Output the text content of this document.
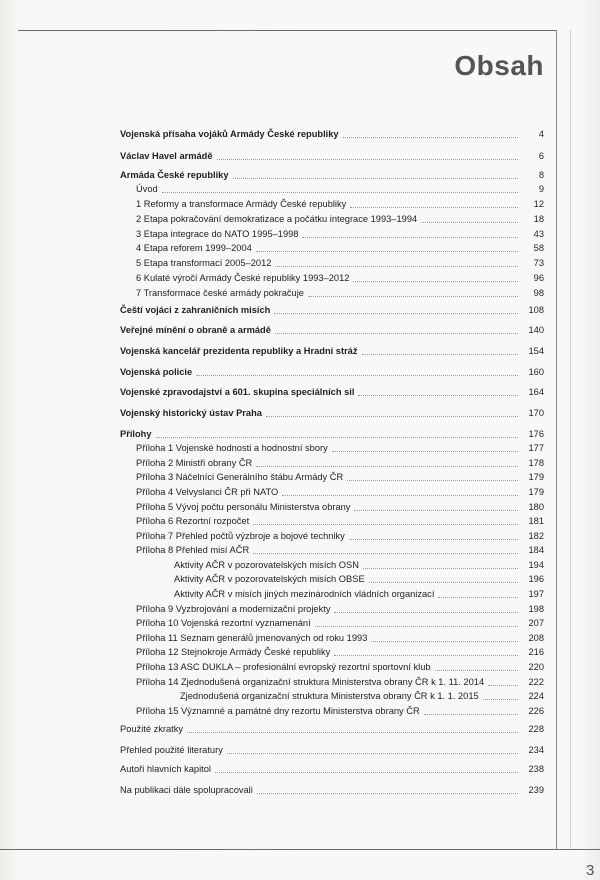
Obsah
Vojenská přísaha vojáků Armády České republiky	4
Václav Havel armádě	6
Armáda České republiky	8
Úvod	9
1 Reformy a transformace Armády České republiky	12
2 Etapa pokračování demokratizace a počátku integrace 1993–1994	18
3 Etapa integrace do NATO 1995–1998	43
4 Etapa reforem 1999–2004	58
5 Etapa transformací 2005–2012	73
6 Kulaté výročí Armády České republiky 1993–2012	96
7 Transformace české armády pokračuje	98
Čeští vojáci z zahraničních misích	108
Veřejné mínění o obraně a armádě	140
Vojenská kancelář prezidenta republiky a Hradní stráž	154
Vojenská policie	160
Vojenské zpravodajství a 601. skupina speciálních sil	164
Vojenský historický ústav Praha	170
Přílohy	176
Příloha 1 Vojenské hodnosti a hodnostní sbory	177
Příloha 2 Ministři obrany ČR	178
Příloha 3 Náčelníci Generálního štábu Armády ČR	179
Příloha 4 Velvyslanci ČR při NATO	179
Příloha 5 Vývoj počtu personálu Ministerstva obrany	180
Příloha 6 Rezortní rozpočet	181
Příloha 7 Přehled počtů výzbroje a bojové techniky	182
Příloha 8 Přehled misí AČR	184
Aktivity AČR v pozorovatelských misích OSN	194
Aktivity AČR v pozorovatelských misích OBSE	196
Aktivity AČR v misích jiných mezinárodních vládních organizací	197
Příloha 9 Vyzbrojování a modernizační projekty	198
Příloha 10 Vojenská rezortní vyznamenání	207
Příloha 11 Seznam generálů jmenovaných od roku 1993	208
Příloha 12 Stejnokroje Armády České republiky	216
Příloha 13 ASC DUKLA – profesionální evropský rezortní sportovní klub	220
Příloha 14 Zjednodušená organizační struktura Ministerstva obrany ČR k 1. 11. 2014	222
Zjednodušená organizační struktura Ministerstva obrany ČR k 1. 1. 2015	224
Příloha 15 Významné a památné dny rezortu Ministerstva obrany ČR	226
Použité zkratky	228
Přehled použité literatury	234
Autoři hlavních kapitol	238
Na publikaci dále spolupracovali	239
3
